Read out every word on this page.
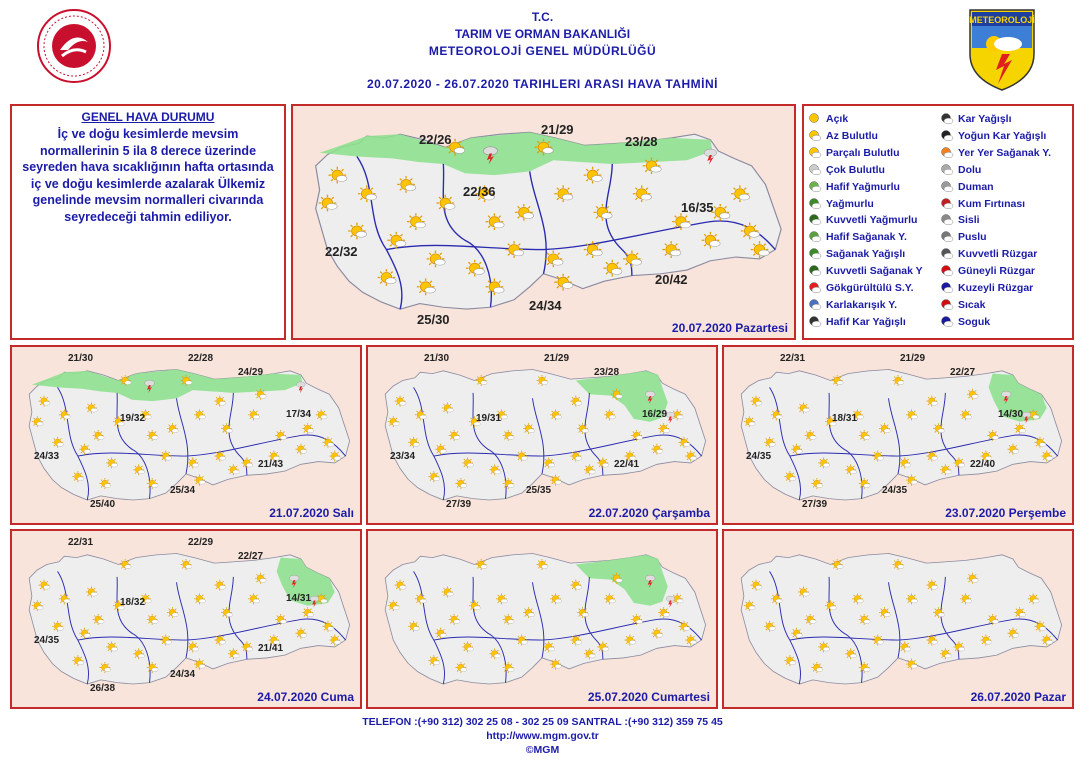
T.C.
TARIM VE ORMAN BAKANLIĞI
METEOROLOJİ GENEL MÜDÜRLÜĞÜ
20.07.2020 - 26.07.2020 TARIHLERI ARASI HAVA TAHMİNİ
METEOROLOJİ
GENEL HAVA DURUMU
İç ve doğu kesimlerde mevsim normallerinin 5 ila 8 derece üzerinde seyreden hava sıcaklığının hafta ortasında iç ve doğu kesimlerde azalarak Ülkemiz genelinde mevsim normalleri civarında seyredeceği tahmin ediliyor.
20.07.2020 Pazartesi
22/26
21/29
23/28
22/36
16/35
22/32
20/42
24/34
25/30
Açık
Az Bulutlu
Parçalı Bulutlu
Çok Bulutlu
Hafif Yağmurlu
Yağmurlu
Kuvvetli Yağmurlu
Hafif Sağanak Y.
Sağanak Yağışlı
Kuvvetli Sağanak Y
Gökgürültülü S.Y.
Karlakarışık Y.
Hafif Kar Yağışlı
Kar Yağışlı
Yoğun Kar Yağışlı
Yer Yer Sağanak Y.
Dolu
Duman
Kum Fırtınası
Sisli
Puslu
Kuvvetli Rüzgar
Güneyli Rüzgar
Kuzeyli Rüzgar
Sıcak
Soguk
21.07.2020 Salı
21/30	22/28
24/29
19/32	17/34
24/33
21/43
25/34
25/40
22.07.2020 Çarşamba
21/30	21/29
23/28
19/31	16/29
23/34
22/41
25/35
27/39
23.07.2020 Perşembe
22/31	21/29
22/27
18/31	14/30
24/35
22/40
24/35
27/39
24.07.2020 Cuma
22/31	22/29
22/27
18/32	14/31
24/35
21/41
24/34
26/38
25.07.2020 Cumartesi	26.07.2020 Pazar
TELEFON :(+90 312) 302 25 08 - 302 25 09 SANTRAL :(+90 312) 359 75 45
http://www.mgm.gov.tr
©MGM
